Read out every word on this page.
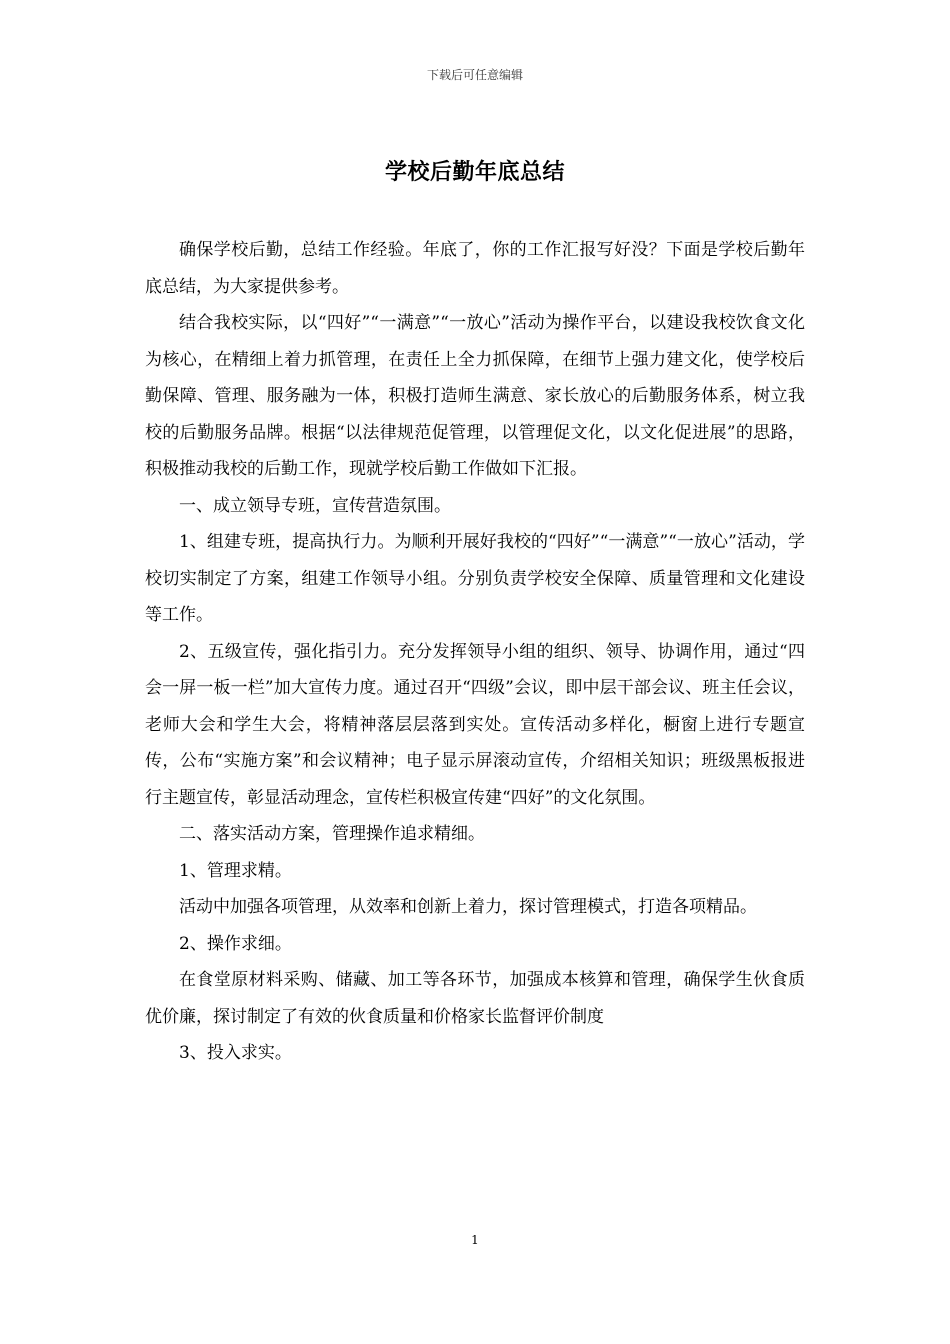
下载后可任意编辑
学校后勤年底总结

确保学校后勤，总结工作经验。年底了，你的工作汇报写好没？下面是学校后勤年底总结，为大家提供参考。

结合我校实际，以“四好”“一满意”“一放心”活动为操作平台，以建设我校饮食文化为核心，在精细上着力抓管理，在责任上全力抓保障，在细节上强力建文化，使学校后勤保障、管理、服务融为一体，积极打造师生满意、家长放心的后勤服务体系，树立我校的后勤服务品牌。根据“以法律规范促管理，以管理促文化，以文化促进展”的思路，积极推动我校的后勤工作，现就学校后勤工作做如下汇报。

一、成立领导专班，宣传营造氛围。

1、组建专班，提高执行力。为顺利开展好我校的“四好”“一满意”“一放心”活动，学校切实制定了方案，组建工作领导小组。分别负责学校安全保障、质量管理和文化建设等工作。

2、五级宣传，强化指引力。充分发挥领导小组的组织、领导、协调作用，通过“四会一屏一板一栏”加大宣传力度。通过召开“四级”会议，即中层干部会议、班主任会议，老师大会和学生大会，将精神落层层落到实处。宣传活动多样化，橱窗上进行专题宣传，公布“实施方案”和会议精神；电子显示屏滚动宣传，介绍相关知识；班级黑板报进行主题宣传，彰显活动理念，宣传栏积极宣传建“四好”的文化氛围。

二、落实活动方案，管理操作追求精细。

1、管理求精。

活动中加强各项管理，从效率和创新上着力，探讨管理模式，打造各项精品。

2、操作求细。

在食堂原材料采购、储藏、加工等各环节，加强成本核算和管理，确保学生伙食质优价廉，探讨制定了有效的伙食质量和价格家长监督评价制度

3、投入求实。

1
